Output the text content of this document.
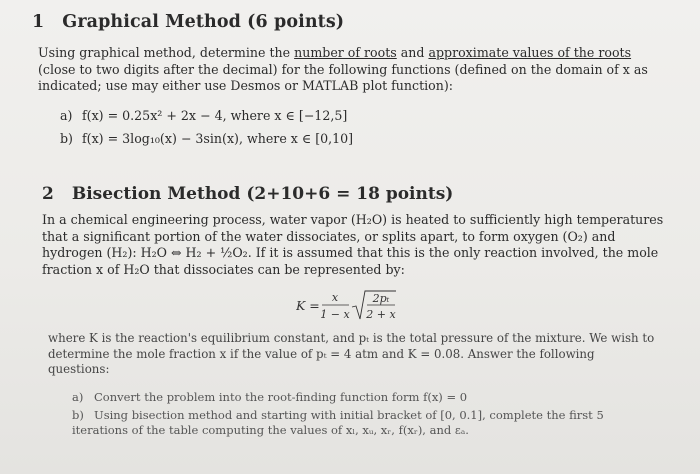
1 Graphical Method (6 points)
Using graphical method, determine the number of roots and approximate values of the roots (close to two digits after the decimal) for the following functions (defined on the domain of x as indicated; use may either use Desmos or MATLAB plot function):
a) f(x) = 0.25x² + 2x − 4, where x ∈ [−12,5]
b) f(x) = 3log₁₀(x) − 3sin(x), where x ∈ [0,10]
2 Bisection Method (2+10+6 = 18 points)
In a chemical engineering process, water vapor (H₂O) is heated to sufficiently high temperatures that a significant portion of the water dissociates, or splits apart, to form oxygen (O₂) and hydrogen (H₂): H₂O ⇔ H₂ + ½O₂. If it is assumed that this is the only reaction involved, the mole fraction x of H₂O that dissociates can be represented by:
K =
x
1 − x
2pₜ
2 + x
where K is the reaction's equilibrium constant, and pₜ is the total pressure of the mixture. We wish to determine the mole fraction x if the value of pₜ = 4 atm and K = 0.08. Answer the following questions:
a) Convert the problem into the root-finding function form f(x) = 0
b) Using bisection method and starting with initial bracket of [0, 0.1], complete the first 5 iterations of the table computing the values of xₗ, xᵤ, xᵣ, f(xᵣ), and εₐ.
